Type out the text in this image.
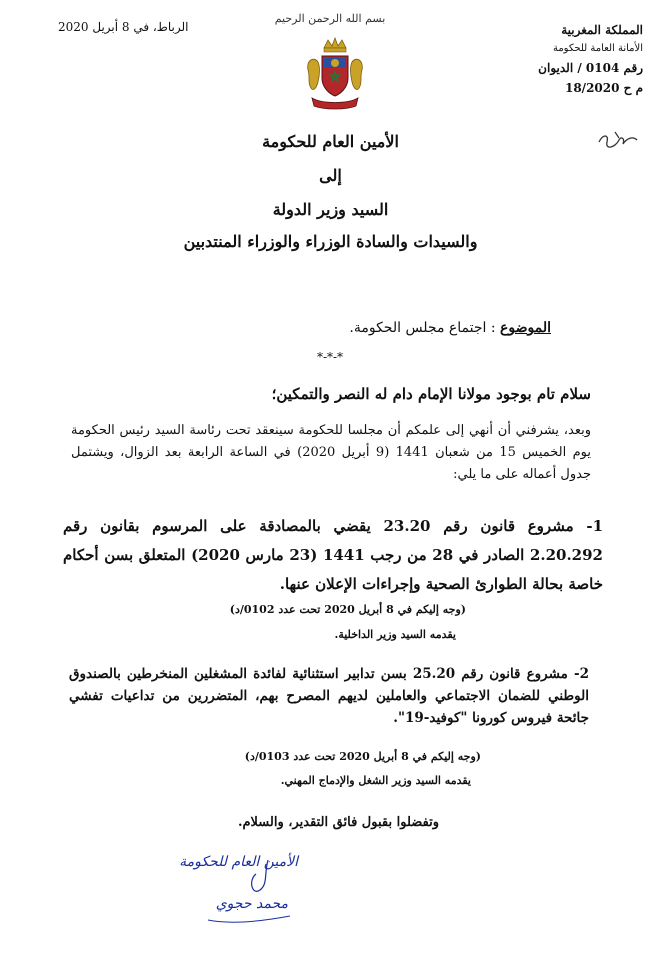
المملكة المغربية
الأمانة العامة للحكومة
رقم 0104 / الديوان
م ح 18/2020
الرباط، في 8 أبريل 2020
بسم الله الرحمن الرحيم
الأمين العام للحكومة
إلى
السيد وزير الدولة
والسيدات والسادة الوزراء والوزراء المنتدبين
الموضوع : اجتماع مجلس الحكومة.
*-*-*
سلام تام بوجود مولانا الإمام دام له النصر والتمكين؛
وبعد، يشرفني أن أنهي إلى علمكم أن مجلسا للحكومة سينعقد تحت رئاسة السيد رئيس الحكومة يوم الخميس 15 من شعبان 1441 (9 أبريل 2020) في الساعة الرابعة بعد الزوال، ويشتمل جدول أعماله على ما يلي:
1- مشروع قانون رقم 23.20 يقضي بالمصادقة على المرسوم بقانون رقم 2.20.292 الصادر في 28 من رجب 1441 (23 مارس 2020) المتعلق بسن أحكام خاصة بحالة الطوارئ الصحية وإجراءات الإعلان عنها.
(وجه إليكم في 8 أبريل 2020 تحت عدد 0102/د)
يقدمه السيد وزير الداخلية.
2- مشروع قانون رقم 25.20 بسن تدابير استثنائية لفائدة المشغلين المنخرطين بالصندوق الوطني للضمان الاجتماعي والعاملين لديهم المصرح بهم، المتضررين من تداعيات تفشي جائحة فيروس كورونا "كوفيد-19".
(وجه إليكم في 8 أبريل 2020 تحت عدد 0103/د)
يقدمه السيد وزير الشغل والإدماج المهني.
وتفضلوا بقبول فائق التقدير، والسلام.
الأمين العام للحكومة
محمد حجوي
